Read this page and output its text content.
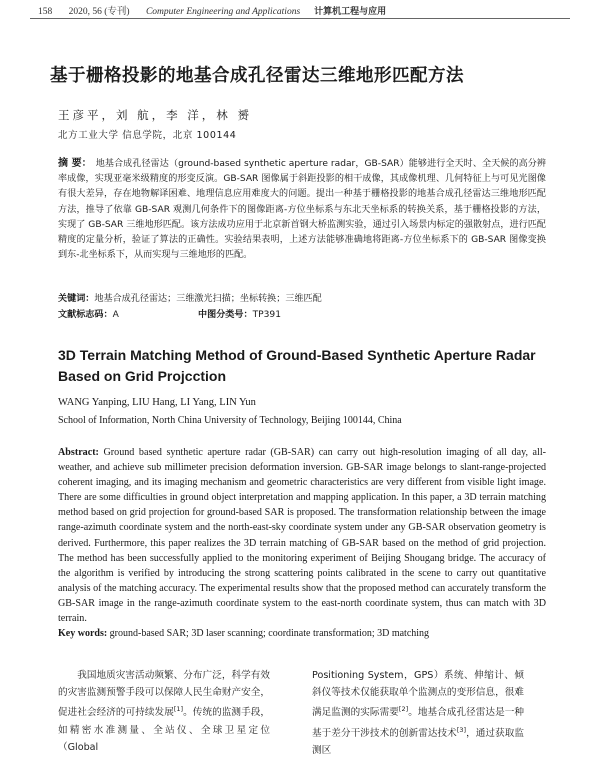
158 2020, 56 (专刊) Computer Engineering and Applications 计算机工程与应用
基于栅格投影的地基合成孔径雷达三维地形匹配方法
王彦平，刘 航，李 洋，林 赟
北方工业大学 信息学院，北京 100144
摘 要： 地基合成孔径雷达（ground-based synthetic aperture radar，GB-SAR）能够进行全天时、全天候的高分辨率成像，实现亚毫米级精度的形变反演。GB-SAR 图像属于斜距投影的相干成像，其成像机理、几何特征上与可见光图像有很大差异，存在地物解译困难、地理信息应用难度大的问题。提出一种基于栅格投影的地基合成孔径雷达三维地形匹配方法，推导了依靠 GB-SAR 观测几何条件下的图像距离-方位坐标系与东北天坐标系的转换关系，基于栅格投影的方法，实现了 GB-SAR 三维地形匹配。该方法成功应用于北京新首钢大桥监测实验，通过引入场景内标定的强散射点，进行匹配精度的定量分析，验证了算法的正确性。实验结果表明，上述方法能够准确地将距离-方位坐标系下的 GB-SAR 图像变换到东-北坐标系下，从而实现与三维地形的匹配。
关键词：地基合成孔径雷达；三维激光扫描；坐标转换；三维匹配
文献标志码：A	中图分类号：TP391
3D Terrain Matching Method of Ground-Based Synthetic Aperture Radar Based on Grid Projcction
WANG Yanping, LIU Hang, LI Yang, LIN Yun
School of Information, North China University of Technology, Beijing 100144, China
Abstract: Ground based synthetic aperture radar (GB-SAR) can carry out high-resolution imaging of all day, all-weather, and achieve sub millimeter precision deformation inversion. GB-SAR image belongs to slant-range-projected coherent imaging, and its imaging mechanism and geometric characteristics are very different from visible light image. There are some difficulties in ground object interpretation and mapping application. In this paper, a 3D terrain matching method based on grid projection for ground-based SAR is proposed. The transformation relationship between the image range-azimuth coordinate system and the north-east-sky coordinate system under any GB-SAR observation geometry is derived. Furthermore, this paper realizes the 3D terrain matching of GB-SAR based on the method of grid projection. The method has been successfully applied to the monitoring experiment of Beijing Shougang bridge. The accuracy of the algorithm is verified by introducing the strong scattering points calibrated in the scene to carry out quantitative analysis of the matching accuracy. The experimental results show that the proposed method can accurately transform the GB-SAR image in the range-azimuth coordinate system to the east-north coordinate system, thus can match with 3D terrain.
Key words: ground-based SAR; 3D laser scanning; coordinate transformation; 3D matching
我国地质灾害活动频繁、分布广泛，科学有效的灾害监测预警手段可以保障人民生命财产安全，促进社会经济的可持续发展[1]。传统的监测手段，如精密水准测量、全站仪、全球卫星定位（Global
Positioning System，GPS）系统、伸缩计、倾斜仪等技术仅能获取单个监测点的变形信息，很难满足监测的实际需要[2]。地基合成孔径雷达是一种基于差分干涉技术的创新雷达技术[3]，通过获取监测区
